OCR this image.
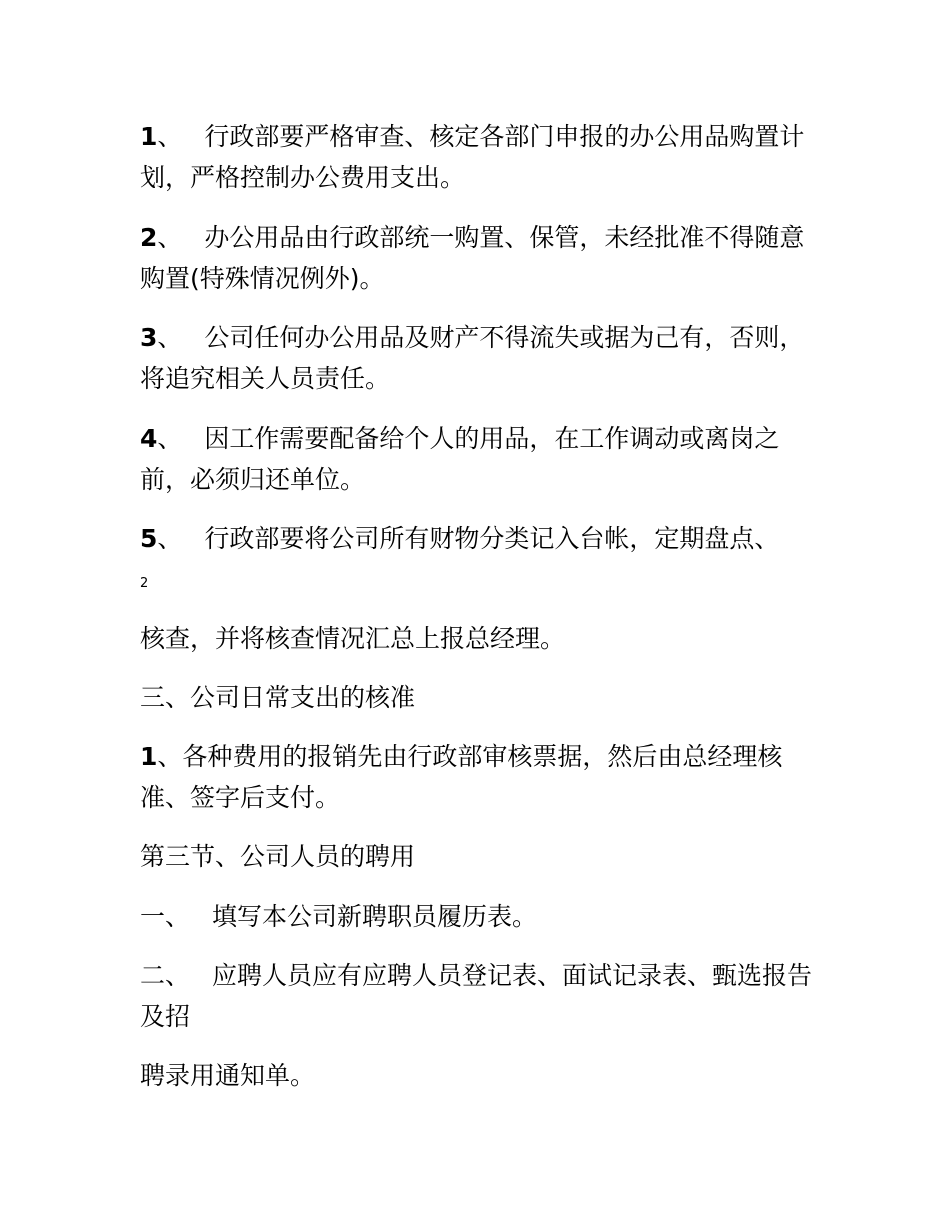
1、 行政部要严格审查、核定各部门申报的办公用品购置计划，严格控制办公费用支出。

2、 办公用品由行政部统一购置、保管，未经批准不得随意购置(特殊情况例外)。

3、 公司任何办公用品及财产不得流失或据为己有，否则，将追究相关人员责任。

4、 因工作需要配备给个人的用品，在工作调动或离岗之前，必须归还单位。

5、 行政部要将公司所有财物分类记入台帐，定期盘点、

2

核查，并将核查情况汇总上报总经理。

三、公司日常支出的核准

1、各种费用的报销先由行政部审核票据，然后由总经理核准、签字后支付。

第三节、公司人员的聘用

一、 填写本公司新聘职员履历表。

二、 应聘人员应有应聘人员登记表、面试记录表、甄选报告及招

聘录用通知单。
